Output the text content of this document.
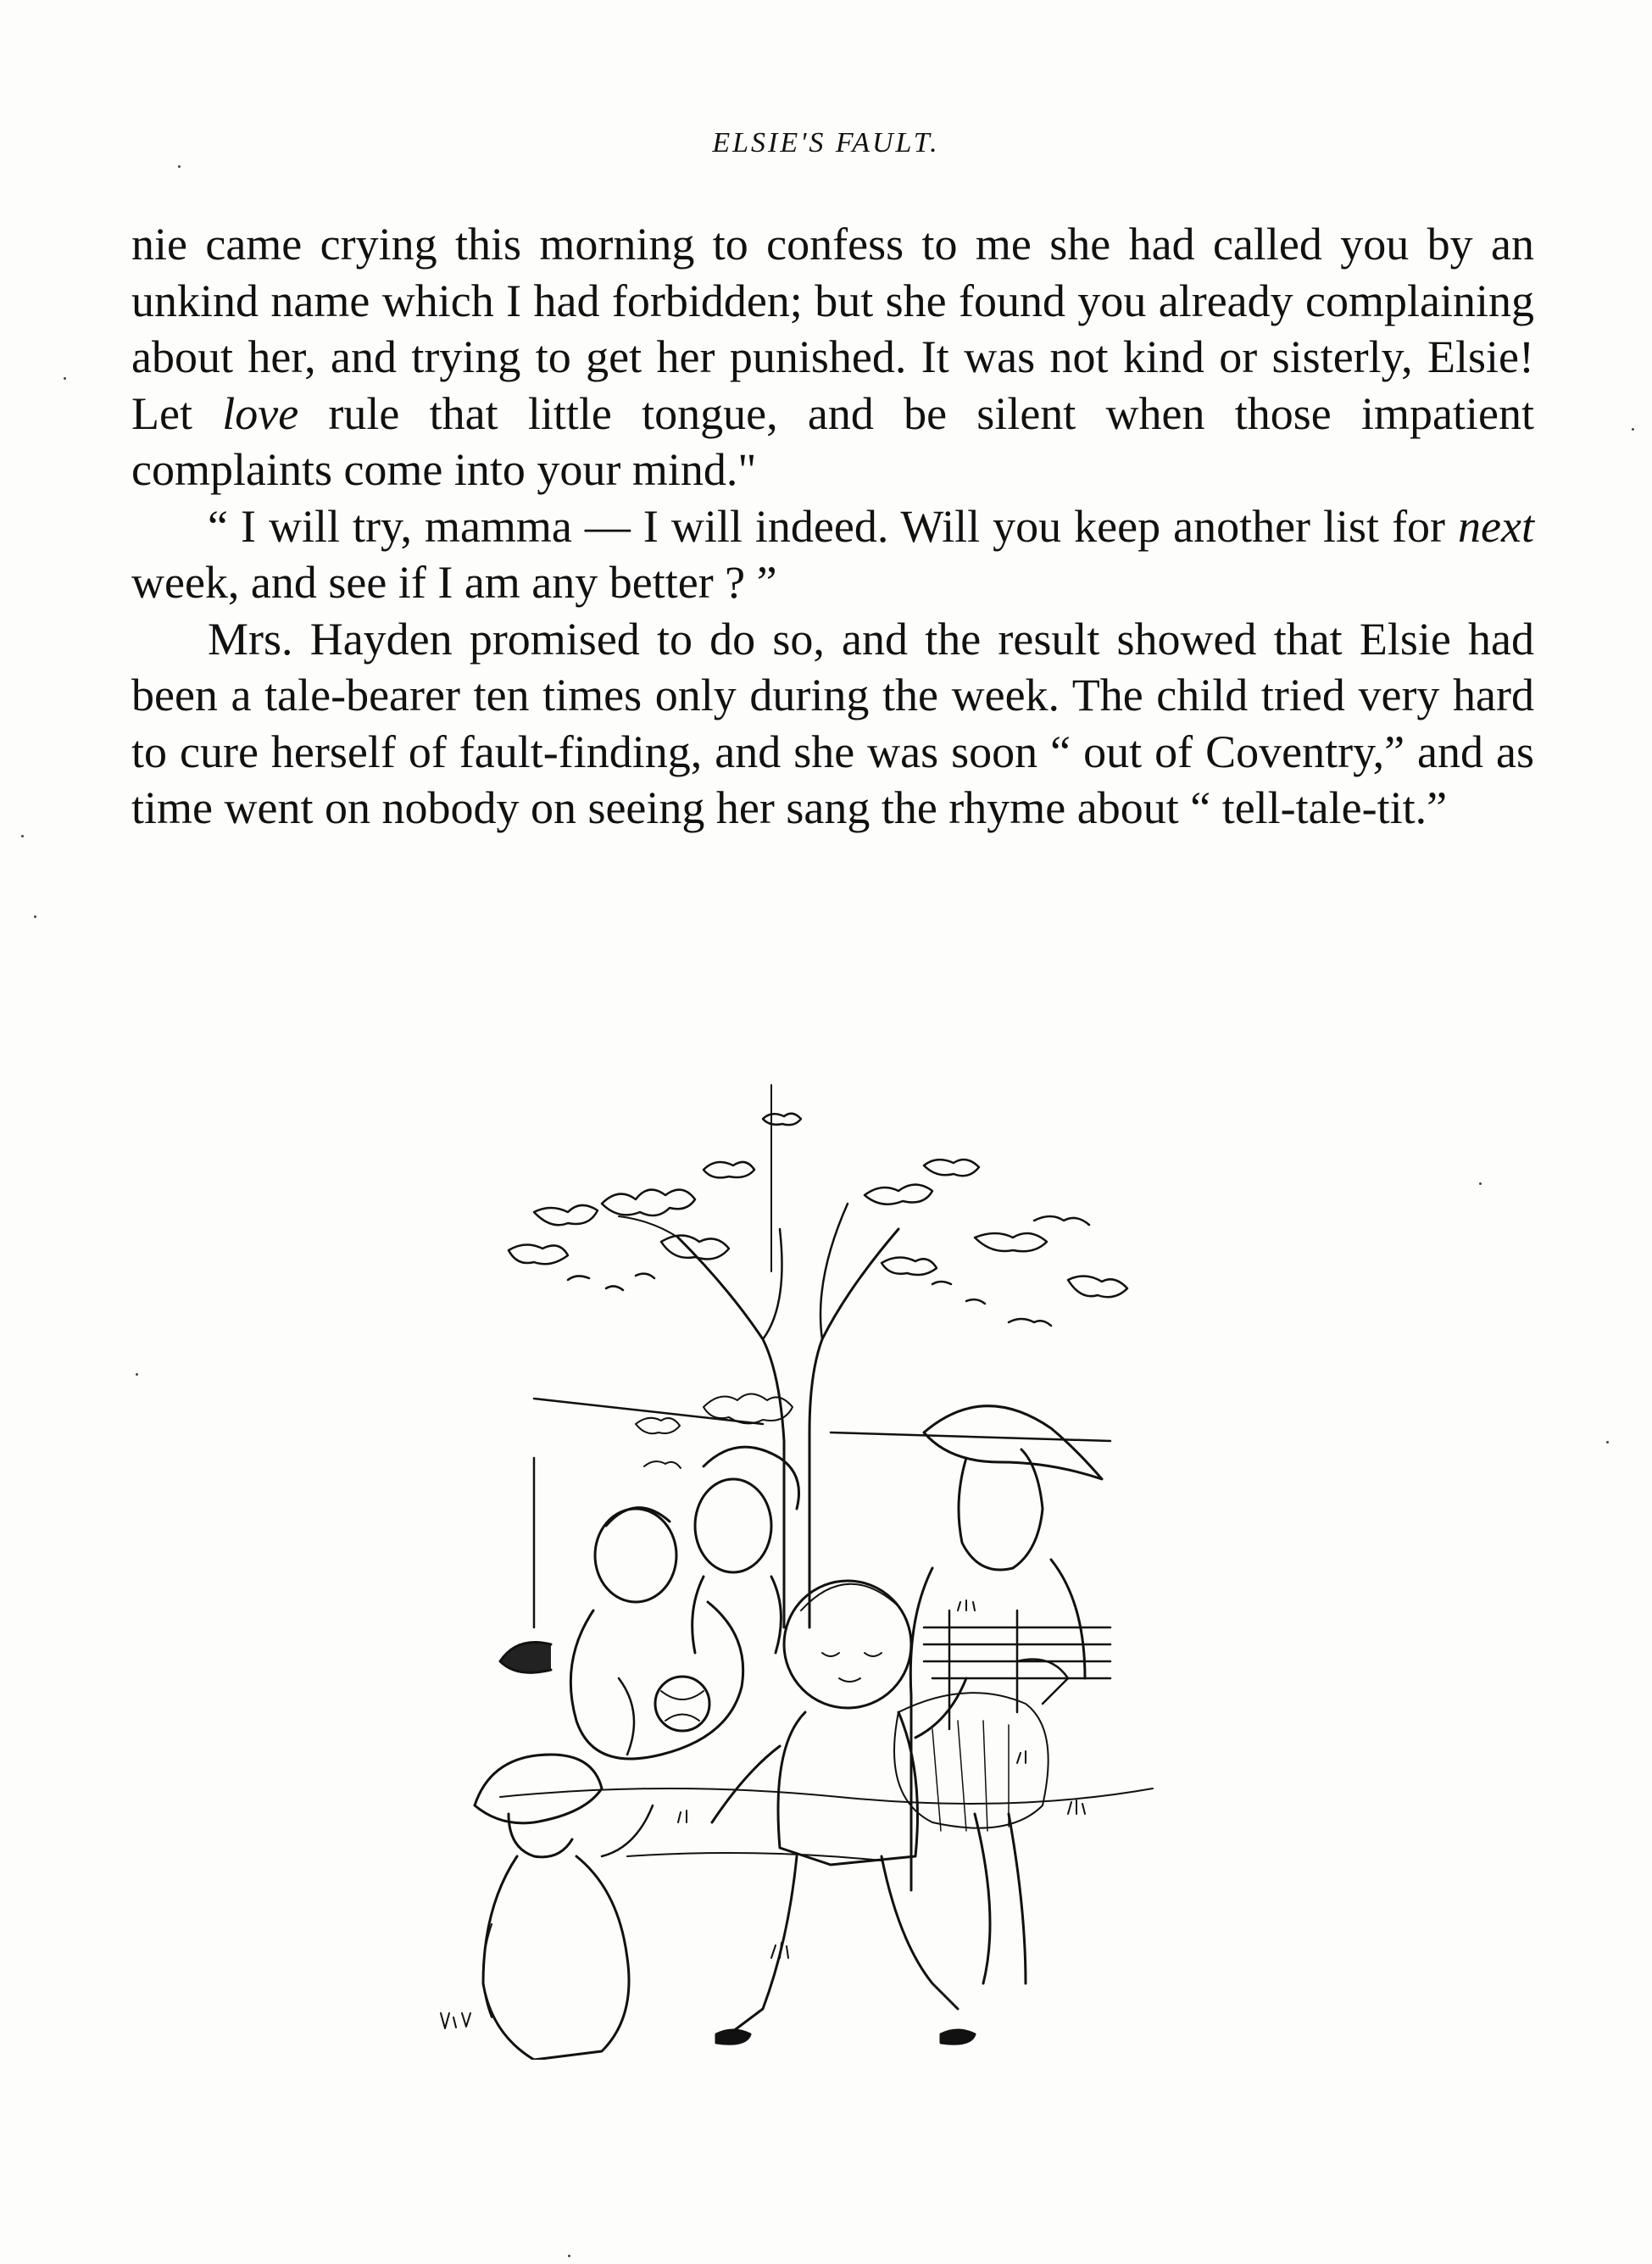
ELSIE'S FAULT.

nie came crying this morning to confess to me she had called you by an unkind name which I had forbidden; but she found you already complaining about her, and trying to get her punished. It was not kind or sisterly, Elsie! Let love rule that little tongue, and be silent when those impatient complaints come into your mind."

“ I will try, mamma — I will indeed. Will you keep another list for next week, and see if I am any better ? ”

Mrs. Hayden promised to do so, and the result showed that Elsie had been a tale-bearer ten times only during the week. The child tried very hard to cure herself of fault-finding, and she was soon “ out of Coventry,” and as time went on nobody on seeing her sang the rhyme about “ tell-tale-tit.”
